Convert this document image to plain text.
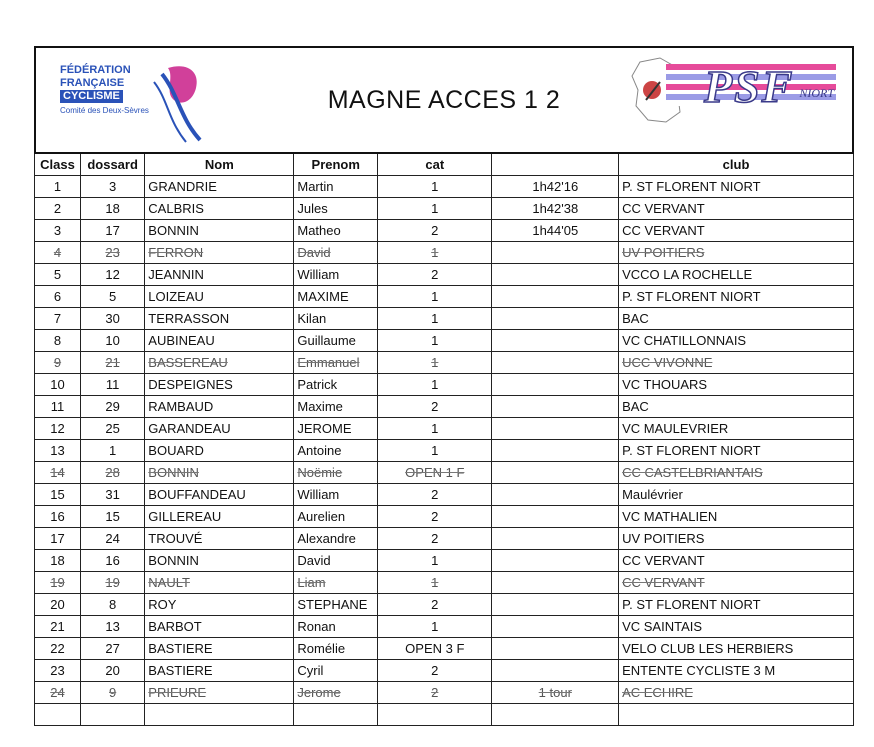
FÉDÉRATION
FRANÇAISE
CYCLISME
Comité des Deux-Sèvres	MAGNE ACCES 1 2	PSF NIORT
Class	dossard	Nom	Prenom	cat		club
1	3	GRANDRIE	Martin	1	1h42'16	P. ST FLORENT NIORT
2	18	CALBRIS	Jules	1	1h42'38	CC VERVANT
3	17	BONNIN	Matheo	2	1h44'05	CC VERVANT
4	23	FERRON	David	1		UV POITIERS
5	12	JEANNIN	William	2		VCCO LA ROCHELLE
6	5	LOIZEAU	MAXIME	1		P. ST FLORENT NIORT
7	30	TERRASSON	Kilan	1		BAC
8	10	AUBINEAU	Guillaume	1		VC CHATILLONNAIS
9	21	BASSEREAU	Emmanuel	1		UCC VIVONNE
10	11	DESPEIGNES	Patrick	1		VC THOUARS
11	29	RAMBAUD	Maxime	2		BAC
12	25	GARANDEAU	JEROME	1		VC MAULEVRIER
13	1	BOUARD	Antoine	1		P. ST FLORENT NIORT
14	28	BONNIN	Noëmie	OPEN 1 F		CC CASTELBRIANTAIS
15	31	BOUFFANDEAU	William	2		Maulévrier
16	15	GILLEREAU	Aurelien	2		VC MATHALIEN
17	24	TROUVÉ	Alexandre	2		UV POITIERS
18	16	BONNIN	David	1		CC VERVANT
19	19	NAULT	Liam	1		CC VERVANT
20	8	ROY	STEPHANE	2		P. ST FLORENT NIORT
21	13	BARBOT	Ronan	1		VC SAINTAIS
22	27	BASTIERE	Romélie	OPEN 3 F		VELO CLUB LES HERBIERS
23	20	BASTIERE	Cyril	2		ENTENTE CYCLISTE 3 M
24	9	PRIEURE	Jerome	2	1 tour	AC ECHIRE
